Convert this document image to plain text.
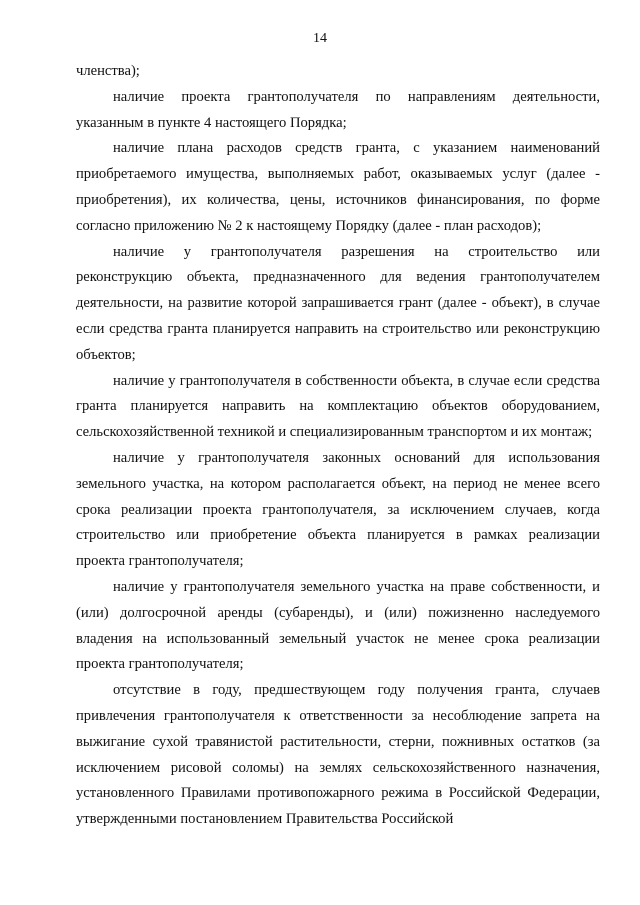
14

членства);

наличие проекта грантополучателя по направлениям деятельности, указанным в пункте 4 настоящего Порядка;

наличие плана расходов средств гранта, с указанием наименований приобретаемого имущества, выполняемых работ, оказываемых услуг (далее - приобретения), их количества, цены, источников финансирования, по форме согласно приложению № 2 к настоящему Порядку (далее - план расходов);

наличие у грантополучателя разрешения на строительство или реконструкцию объекта, предназначенного для ведения грантополучателем деятельности, на развитие которой запрашивается грант (далее - объект), в случае если средства гранта планируется направить на строительство или реконструкцию объектов;

наличие у грантополучателя в собственности объекта, в случае если средства гранта планируется направить на комплектацию объектов оборудованием, сельскохозяйственной техникой и специализированным транспортом и их монтаж;

наличие у грантополучателя законных оснований для использования земельного участка, на котором располагается объект, на период не менее всего срока реализации проекта грантополучателя, за исключением случаев, когда строительство или приобретение объекта планируется в рамках реализации проекта грантополучателя;

наличие у грантополучателя земельного участка на праве собственности, и (или) долгосрочной аренды (субаренды), и (или) пожизненно наследуемого владения на использованный земельный участок не менее срока реализации проекта грантополучателя;

отсутствие в году, предшествующем году получения гранта, случаев привлечения грантополучателя к ответственности за несоблюдение запрета на выжигание сухой травянистой растительности, стерни, пожнивных остатков (за исключением рисовой соломы) на землях сельскохозяйственного назначения, установленного Правилами противопожарного режима в Российской Федерации, утвержденными постановлением Правительства Российской
